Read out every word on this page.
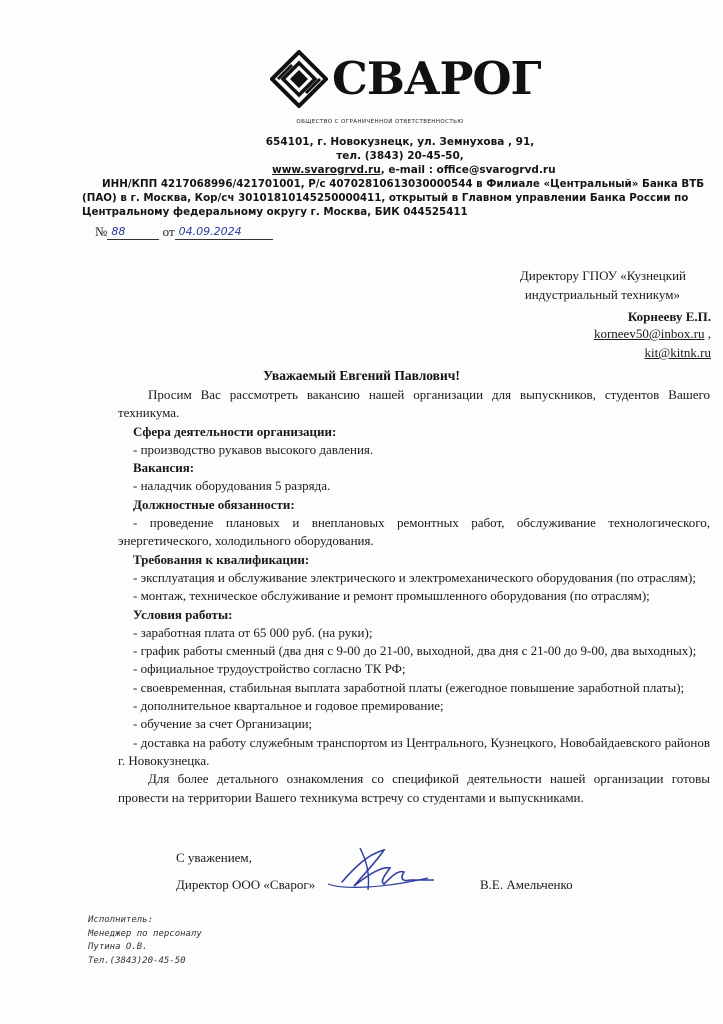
СВАРОГ
ОБЩЕСТВО С ОГРАНИЧЕННОЙ ОТВЕТСТВЕННОСТЬЮ
654101, г. Новокузнецк, ул. Земнухова , 91,
тел. (3843) 20-45-50,
www.svarogrvd.ru, e-mail : office@svarogrvd.ru
ИНН/КПП 4217068996/421701001, Р/с 40702810613030000544 в Филиале «Центральный» Банка ВТБ
(ПАО) в г. Москва, Кор/сч 30101810145250000411, открытый в Главном управлении Банка России по
Центральному федеральному округу г. Москва, БИК 044525411
№ 88	от 04.09.2024
Директору ГПОУ «Кузнецкий
индустриальный техникум»
Корнееву Е.П.
korneev50@inbox.ru ,
kit@kitnk.ru
Уважаемый Евгений Павлович!

Просим Вас рассмотреть вакансию нашей организации для выпускников, студентов Вашего техникума.

Сфера деятельности организации:

- производство рукавов высокого давления.

Вакансия:

- наладчик оборудования 5 разряда.

Должностные обязанности:

- проведение плановых и внеплановых ремонтных работ, обслуживание технологического, энергетического, холодильного оборудования.

Требования к квалификации:

- эксплуатация и обслуживание электрического и электромеханического оборудования (по отраслям);

- монтаж, техническое обслуживание и ремонт промышленного оборудования (по отраслям);

Условия работы:

- заработная плата от 65 000 руб. (на руки);

- график работы сменный (два дня с 9-00 до 21-00, выходной, два дня с 21-00 до 9-00, два выходных);

- официальное трудоустройство согласно ТК РФ;

- своевременная, стабильная выплата заработной платы (ежегодное повышение заработной платы);

- дополнительное квартальное и годовое премирование;

- обучение за счет Организации;

- доставка на работу служебным транспортом из Центрального, Кузнецкого, Новобайдаевского районов г. Новокузнецка.

Для более детального ознакомления со спецификой деятельности нашей организации готовы провести на территории Вашего техникума встречу со студентами и выпускниками.

С уважением,
Директор ООО «Сварог»	В.Е. Амельченко
Исполнитель:
Менеджер по персоналу
Путина О.В.
Тел.(3843)20-45-50
